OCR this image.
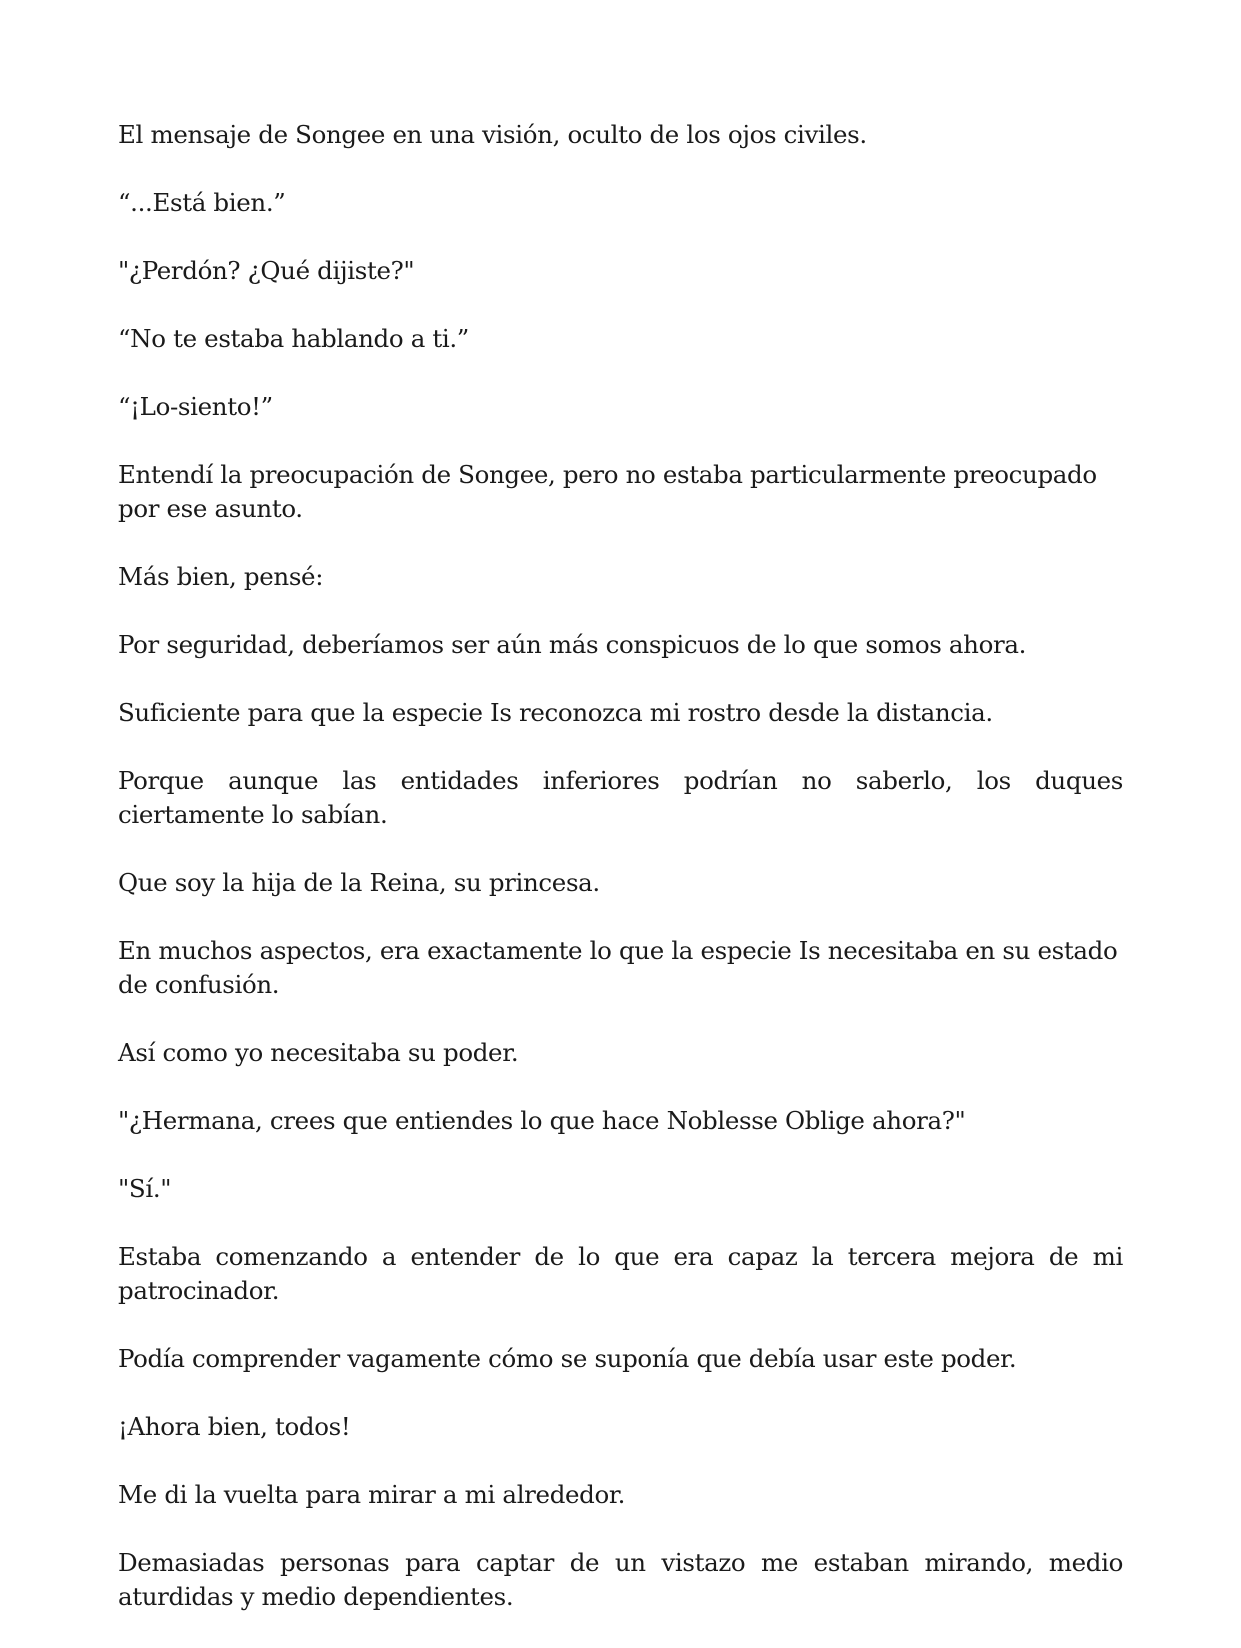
El mensaje de Songee en una visión, oculto de los ojos civiles.

“...Está bien.”

"¿Perdón? ¿Qué dijiste?"

“No te estaba hablando a ti.”

“¡Lo-siento!”

Entendí la preocupación de Songee, pero no estaba particularmente preocupado por ese asunto.

Más bien, pensé:

Por seguridad, deberíamos ser aún más conspicuos de lo que somos ahora.

Suficiente para que la especie Is reconozca mi rostro desde la distancia.

Porque aunque las entidades inferiores podrían no saberlo, los duques ciertamente lo sabían.

Que soy la hija de la Reina, su princesa.

En muchos aspectos, era exactamente lo que la especie Is necesitaba en su estado de confusión.

Así como yo necesitaba su poder.

"¿Hermana, crees que entiendes lo que hace Noblesse Oblige ahora?"

"Sí."

Estaba comenzando a entender de lo que era capaz la tercera mejora de mi patrocinador.

Podía comprender vagamente cómo se suponía que debía usar este poder.

¡Ahora bien, todos!

Me di la vuelta para mirar a mi alrededor.

Demasiadas personas para captar de un vistazo me estaban mirando, medio aturdidas y medio dependientes.
